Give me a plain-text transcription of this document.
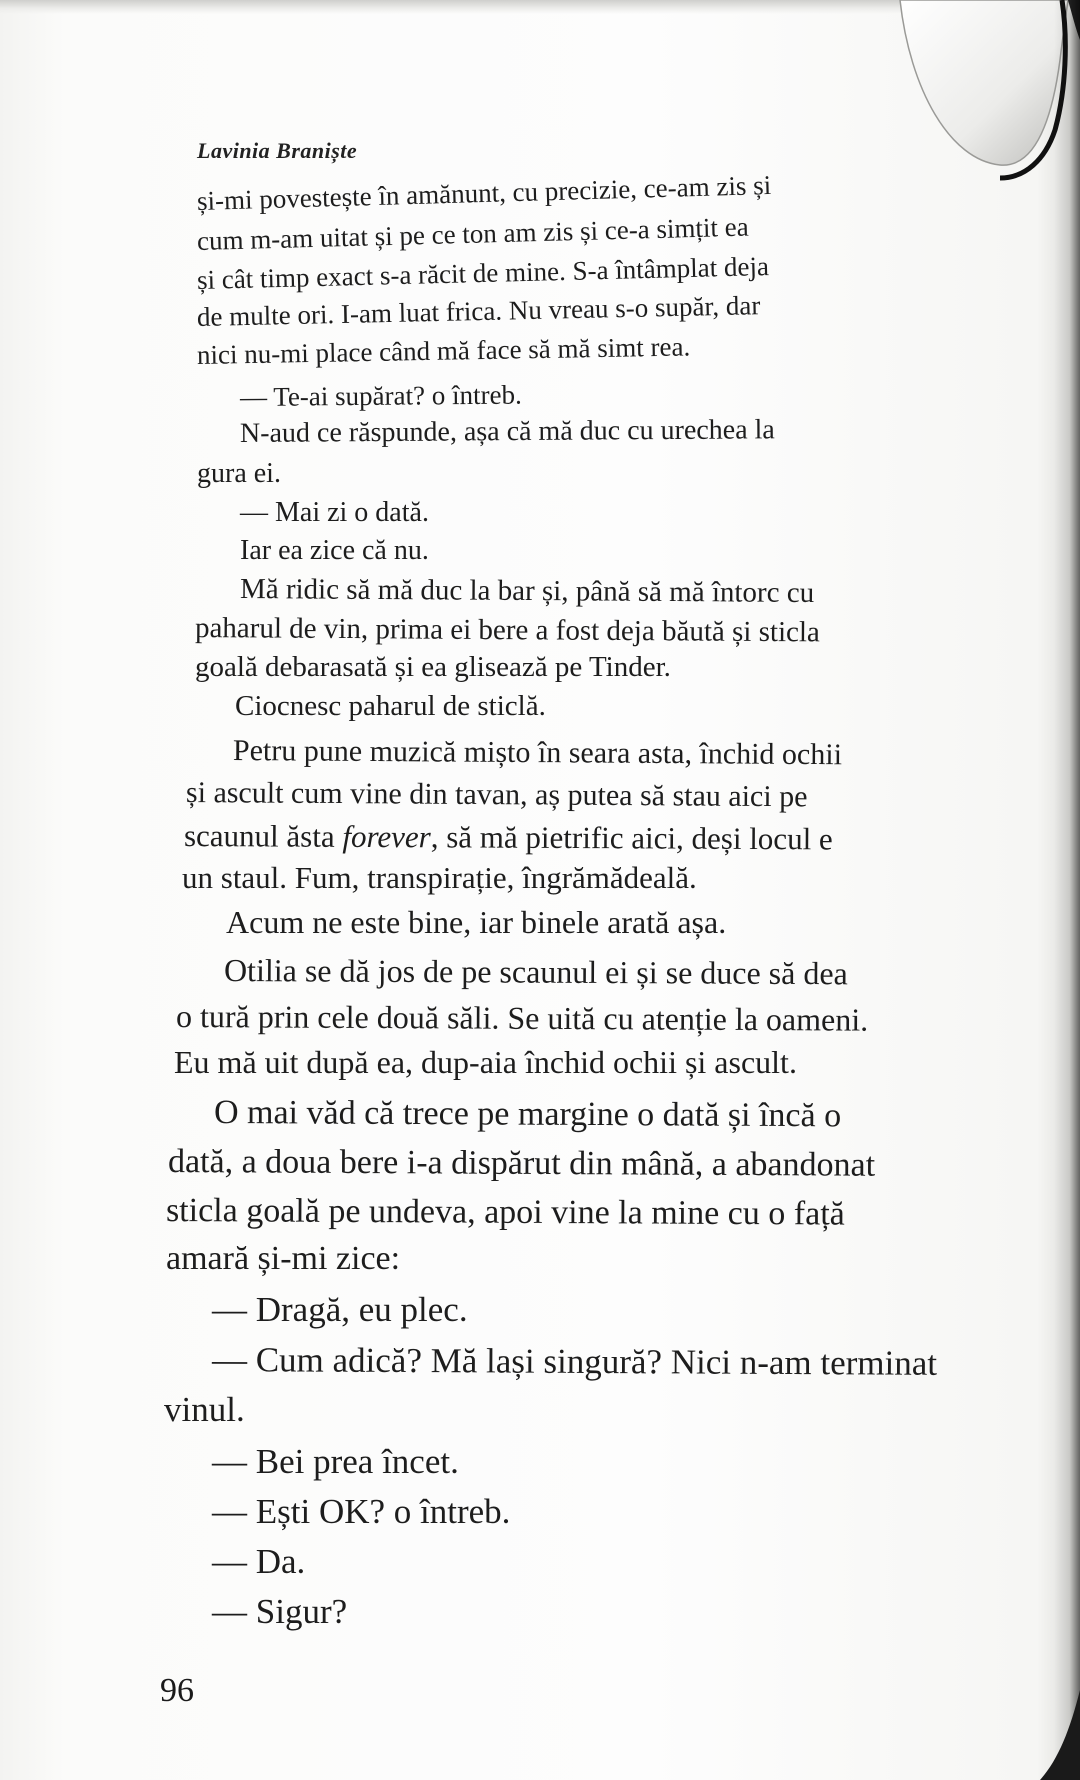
Lavinia Braniște
și-mi povestește în amănunt, cu precizie, ce-am zis și
cum m-am uitat și pe ce ton am zis și ce-a simțit ea
și cât timp exact s-a răcit de mine. S-a întâmplat deja
de multe ori. I-am luat frica. Nu vreau s-o supăr, dar
nici nu-mi place când mă face să mă simt rea.
— Te-ai supărat? o întreb.
N-aud ce răspunde, așa că mă duc cu urechea la
gura ei.
— Mai zi o dată.
Iar ea zice că nu.
Mă ridic să mă duc la bar și, până să mă întorc cu
paharul de vin, prima ei bere a fost deja băută și sticla
goală debarasată și ea glisează pe Tinder.
Ciocnesc paharul de sticlă.
Petru pune muzică mișto în seara asta, închid ochii
și ascult cum vine din tavan, aș putea să stau aici pe
scaunul ăsta forever, să mă pietrific aici, deși locul e
un staul. Fum, transpirație, îngrămădeală.
Acum ne este bine, iar binele arată așa.
Otilia se dă jos de pe scaunul ei și se duce să dea
o tură prin cele două săli. Se uită cu atenție la oameni.
Eu mă uit după ea, dup-aia închid ochii și ascult.
O mai văd că trece pe margine o dată și încă o
dată, a doua bere i-a dispărut din mână, a abandonat
sticla goală pe undeva, apoi vine la mine cu o față
amară și-mi zice:
— Dragă, eu plec.
— Cum adică? Mă lași singură? Nici n-am terminat
vinul.
— Bei prea încet.
— Ești OK? o întreb.
— Da.
— Sigur?
96
